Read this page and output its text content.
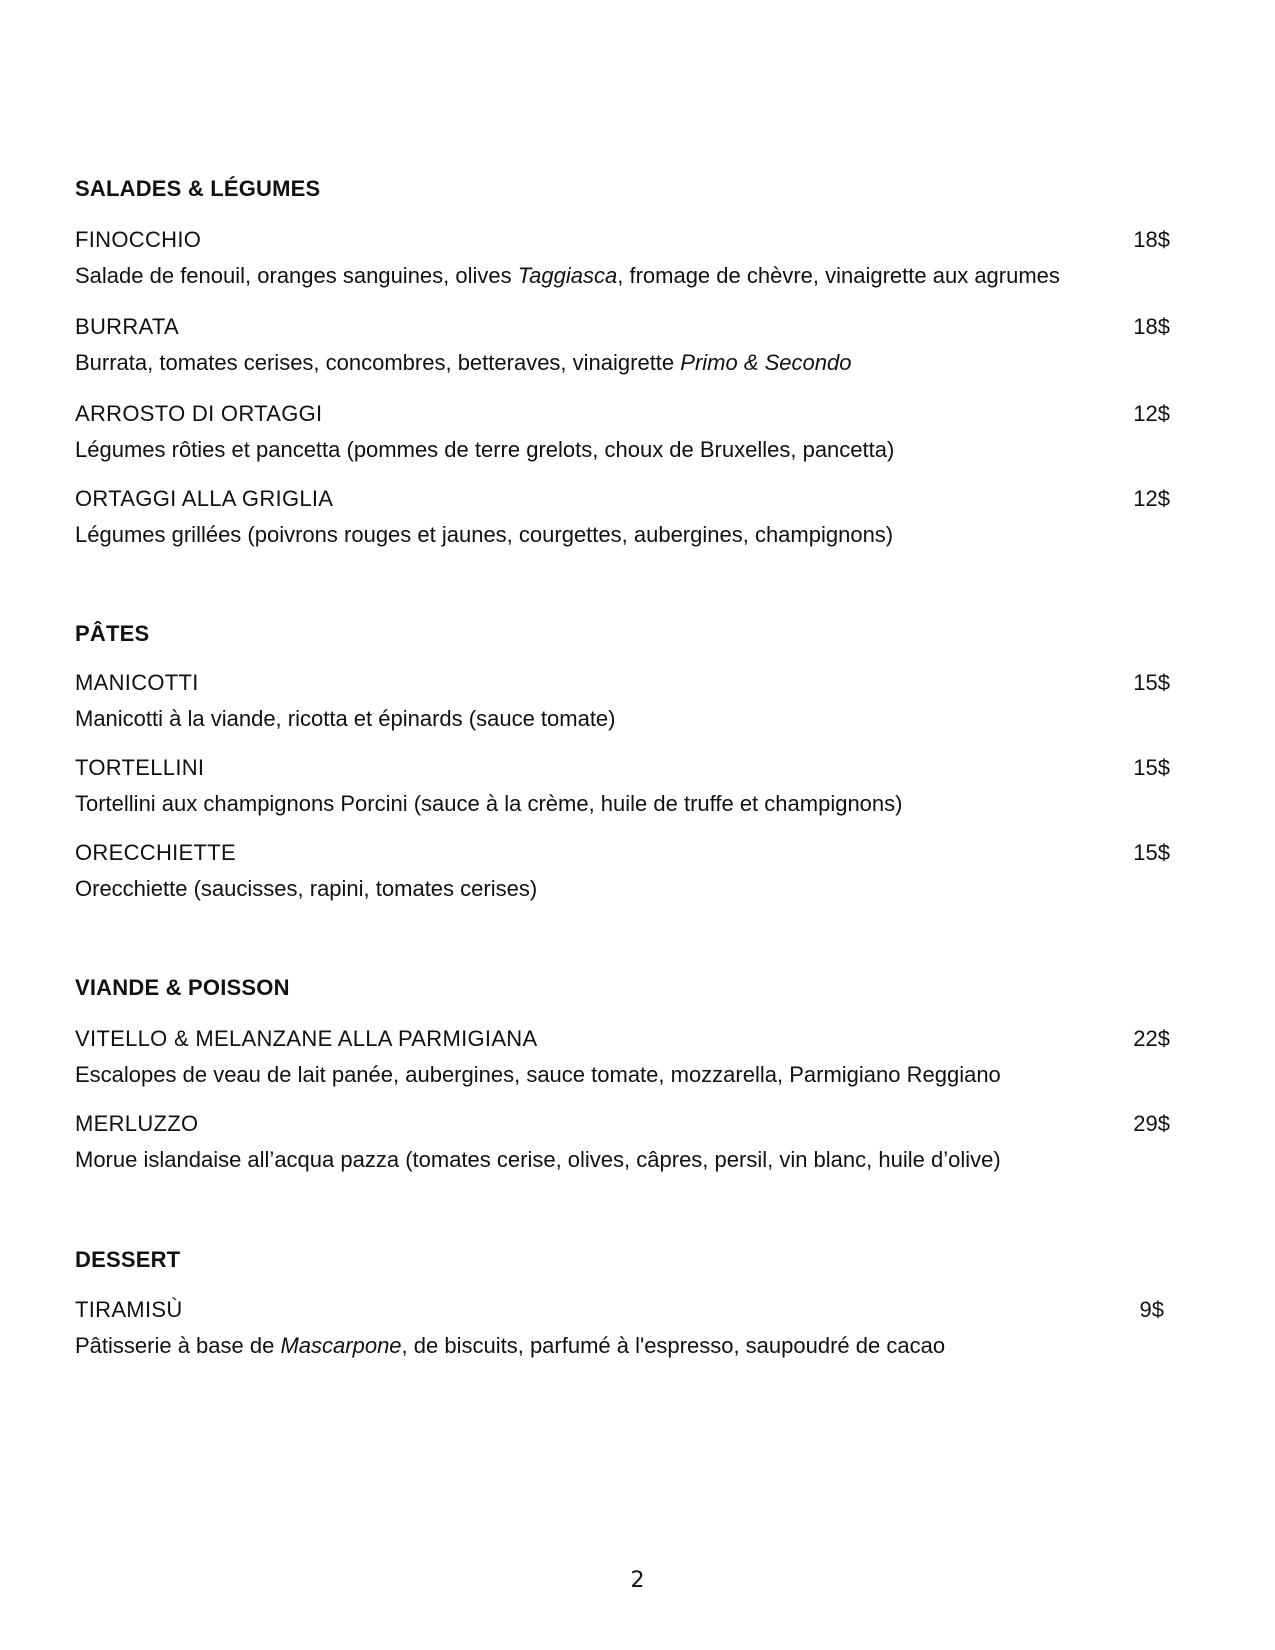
SALADES & LÉGUMES
FINOCCHIO	18$
Salade de fenouil, oranges sanguines, olives Taggiasca, fromage de chèvre, vinaigrette aux agrumes
BURRATA	18$
Burrata, tomates cerises, concombres, betteraves, vinaigrette Primo & Secondo
ARROSTO DI ORTAGGI	12$
Légumes rôties et pancetta (pommes de terre grelots, choux de Bruxelles, pancetta)
ORTAGGI ALLA GRIGLIA	12$
Légumes grillées (poivrons rouges et jaunes, courgettes, aubergines, champignons)
PÂTES
MANICOTTI	15$
Manicotti à la viande, ricotta et épinards (sauce tomate)
TORTELLINI	15$
Tortellini aux champignons Porcini (sauce à la crème, huile de truffe et champignons)
ORECCHIETTE	15$
Orecchiette (saucisses, rapini, tomates cerises)
VIANDE & POISSON
VITELLO & MELANZANE ALLA PARMIGIANA	22$
Escalopes de veau de lait panée, aubergines, sauce tomate, mozzarella, Parmigiano Reggiano
MERLUZZO	29$
Morue islandaise all’acqua pazza (tomates cerise, olives, câpres, persil, vin blanc, huile d’olive)
DESSERT
TIRAMISÙ	9$
Pâtisserie à base de Mascarpone, de biscuits, parfumé à l'espresso, saupoudré de cacao
2
